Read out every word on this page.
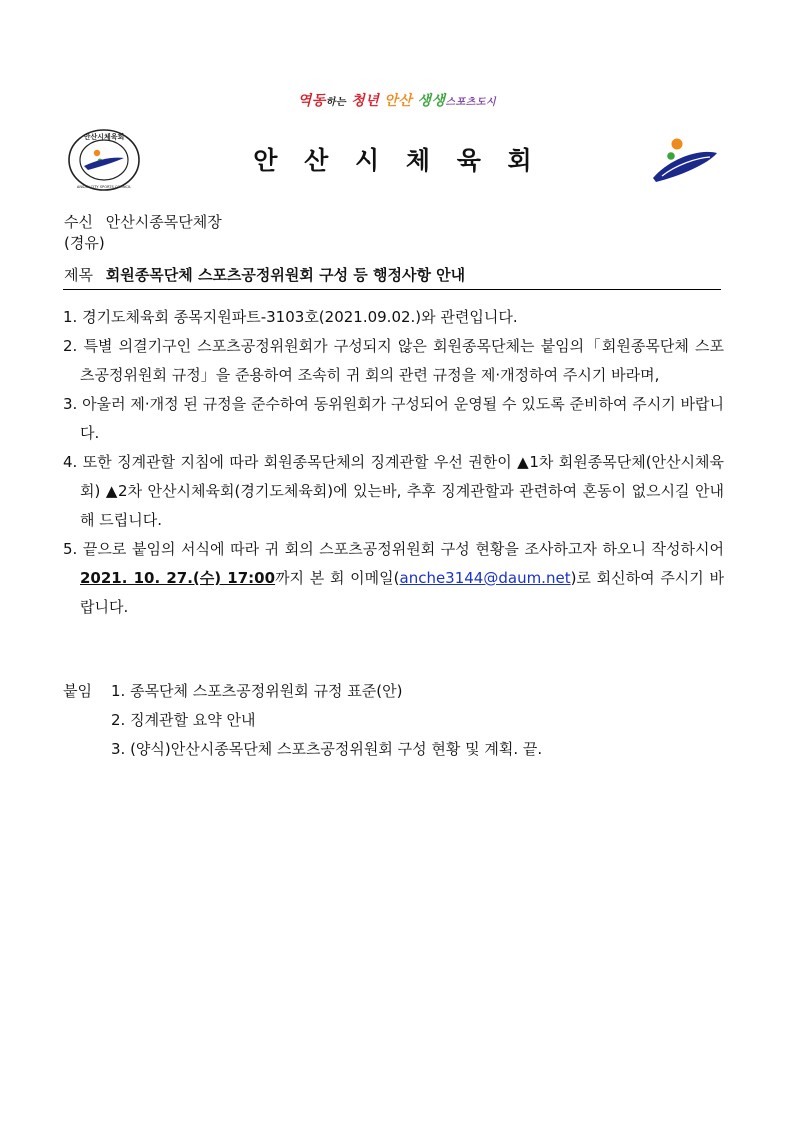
역동하는 청년 안산 생생스포츠도시
안산시체육회
ANSAN CITY SPORTS COUNCIL
안 산 시 체 육 회
수신 안산시종목단체장
(경유)
제목 회원종목단체 스포츠공정위원회 구성 등 행정사항 안내

1. 경기도체육회 종목지원파트-3103호(2021.09.02.)와 관련입니다.

2. 특별 의결기구인 스포츠공정위원회가 구성되지 않은 회원종목단체는 붙임의「회원종목단체 스포츠공정위원회 규정」을 준용하여 조속히 귀 회의 관련 규정을 제·개정하여 주시기 바라며,

3. 아울러 제·개정 된 규정을 준수하여 동위원회가 구성되어 운영될 수 있도록 준비하여 주시기 바랍니다.

4. 또한 징계관할 지침에 따라 회원종목단체의 징계관할 우선 권한이 ▲1차 회원종목단체(안산시체육회) ▲2차 안산시체육회(경기도체육회)에 있는바, 추후 징계관할과 관련하여 혼동이 없으시길 안내해 드립니다.

5. 끝으로 붙임의 서식에 따라 귀 회의 스포츠공정위원회 구성 현황을 조사하고자 하오니 작성하시어 2021. 10. 27.(수) 17:00까지 본 회 이메일(anche3144@daum.net)로 회신하여 주시기 바랍니다.

붙임	1. 종목단체 스포츠공정위원회 규정 표준(안)
2. 징계관할 요약 안내
3. (양식)안산시종목단체 스포츠공정위원회 구성 현황 및 계획. 끝.
